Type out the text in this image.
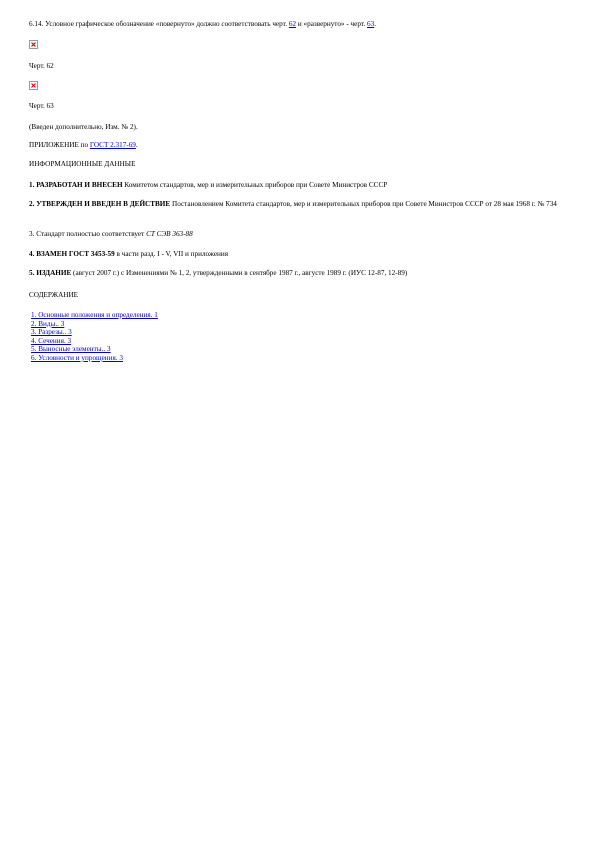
6.14. Условное графическое обозначение «повернуто» должно соответствовать черт. 62 и «развернуто» - черт. 63.
Черт. 62
Черт. 63
(Введен дополнительно, Изм. № 2).
ПРИЛОЖЕНИЕ по ГОСТ 2.317-69.
ИНФОРМАЦИОННЫЕ ДАННЫЕ
1. РАЗРАБОТАН И ВНЕСЕН Комитетом стандартов, мер и измерительных приборов при Совете Министров СССР
2. УТВЕРЖДЕН И ВВЕДЕН В ДЕЙСТВИЕ Постановлением Комитета стандартов, мер и измерительных приборов при Совете Министров СССР от 28 мая 1968 г. № 734
3. Стандарт полностью соответствует СТ СЭВ 363-88
4. ВЗАМЕН ГОСТ 3453-59 в части разд. I - V, VII и приложения
5. ИЗДАНИЕ (август 2007 г.) с Изменениями № 1, 2, утвержденными в сентябре 1987 г., августе 1989 г. (ИУС 12-87, 12-89)
СОДЕРЖАНИЕ
1. Основные положения и определения. 1
2. Виды.. 3
3. Разрезы.. 3
4. Сечения. 3
5. Выносные элементы.. 3
6. Условности и упрощения. 3
